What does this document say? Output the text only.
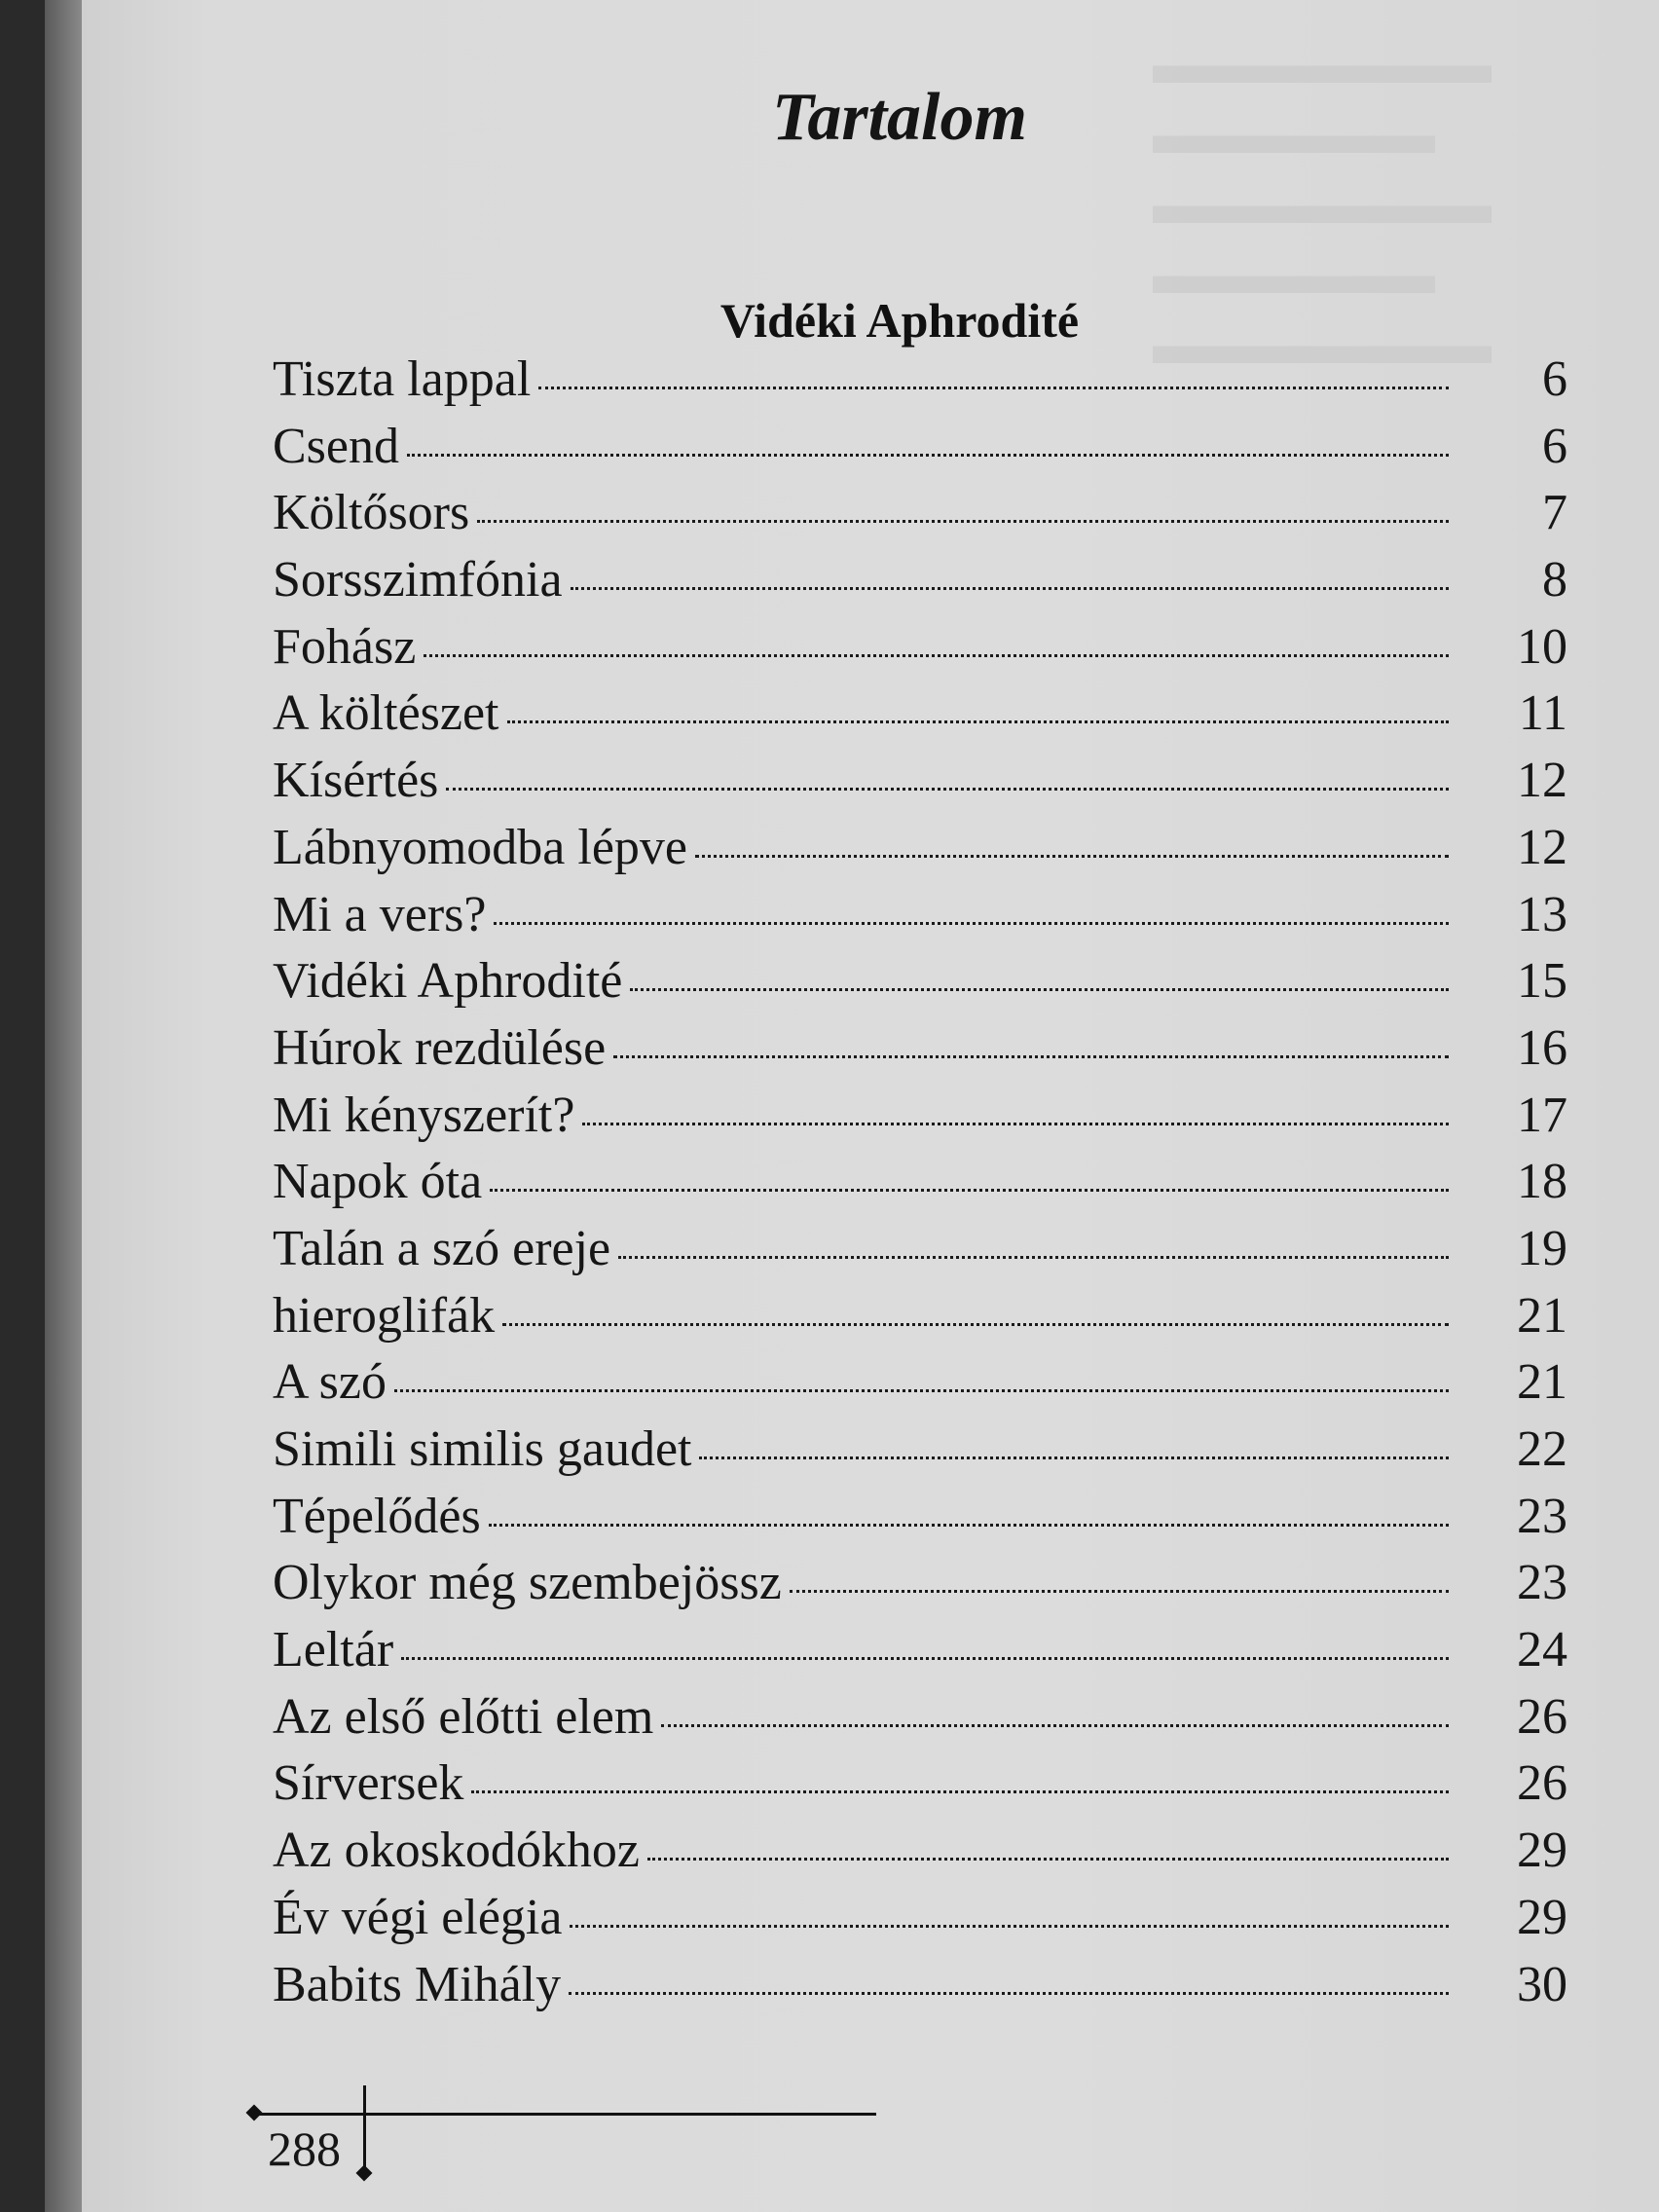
▬▬▬▬▬▬
▬▬▬▬▬
▬▬▬▬▬▬
▬▬▬▬▬
▬▬▬▬▬▬
Tartalom
Vidéki Aphrodité
Tiszta lappal	6
Csend	6
Költősors	7
Sorsszimfónia	8
Fohász	10
A költészet	11
Kísértés	12
Lábnyomodba lépve	12
Mi a vers?	13
Vidéki Aphrodité	15
Húrok rezdülése	16
Mi kényszerít?	17
Napok óta	18
Talán a szó ereje	19
hieroglifák	21
A szó	21
Simili similis gaudet	22
Tépelődés	23
Olykor még szembejössz	23
Leltár	24
Az első előtti elem	26
Sírversek	26
Az okoskodókhoz	29
Év végi elégia	29
Babits Mihály	30
288
